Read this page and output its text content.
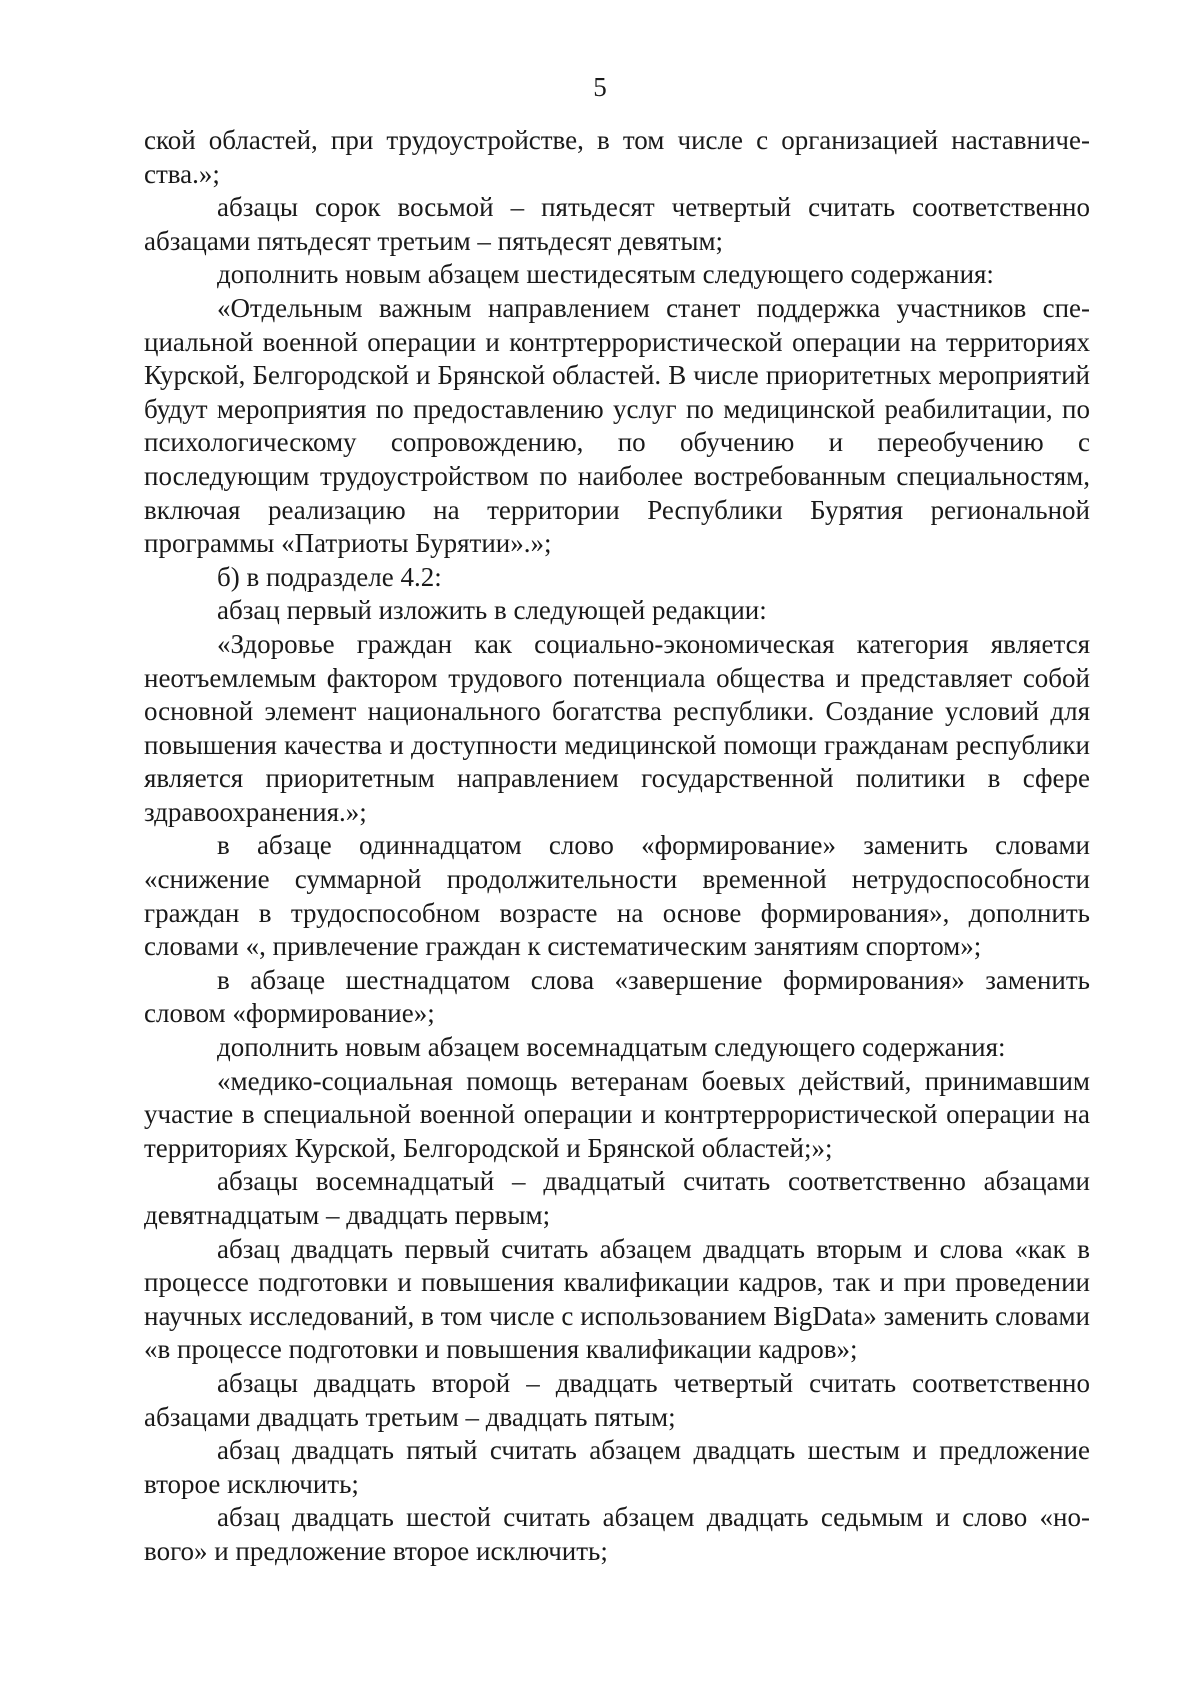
5

ской областей, при трудоустройстве, в том числе с организацией наставничества.»;

абзацы сорок восьмой – пятьдесят четвертый считать соответственно абзацами пятьдесят третьим – пятьдесят девятым;

дополнить новым абзацем шестидесятым следующего содержания:

«Отдельным важным направлением станет поддержка участников специальной военной операции и контртеррористической операции на территориях Курской, Белгородской и Брянской областей. В числе приоритетных мероприятий будут мероприятия по предоставлению услуг по медицинской реабилитации, по психологическому сопровождению, по обучению и переобучению с последующим трудоустройством по наиболее востребованным специальностям, включая реализацию на территории Республики Бурятия региональной программы «Патриоты Бурятии».»;

б) в подразделе 4.2:

абзац первый изложить в следующей редакции:

«Здоровье граждан как социально-экономическая категория является неотъемлемым фактором трудового потенциала общества и представляет собой основной элемент национального богатства республики. Создание условий для повышения качества и доступности медицинской помощи гражданам республики является приоритетным направлением государственной политики в сфере здравоохранения.»;

в абзаце одиннадцатом слово «формирование» заменить словами «снижение суммарной продолжительности временной нетрудоспособности граждан в трудоспособном возрасте на основе формирования», дополнить словами «, привлечение граждан к систематическим занятиям спортом»;

в абзаце шестнадцатом слова «завершение формирования» заменить словом «формирование»;

дополнить новым абзацем восемнадцатым следующего содержания:

«медико-социальная помощь ветеранам боевых действий, принимавшим участие в специальной военной операции и контртеррористической операции на территориях Курской, Белгородской и Брянской областей;»;

абзацы восемнадцатый – двадцатый считать соответственно абзацами девятнадцатым – двадцать первым;

абзац двадцать первый считать абзацем двадцать вторым и слова «как в процессе подготовки и повышения квалификации кадров, так и при проведении научных исследований, в том числе с использованием BigData» заменить словами «в процессе подготовки и повышения квалификации кадров»;

абзацы двадцать второй – двадцать четвертый считать соответственно абзацами двадцать третьим – двадцать пятым;

абзац двадцать пятый считать абзацем двадцать шестым и предложение второе исключить;

абзац двадцать шестой считать абзацем двадцать седьмым и слово «нового» и предложение второе исключить;
